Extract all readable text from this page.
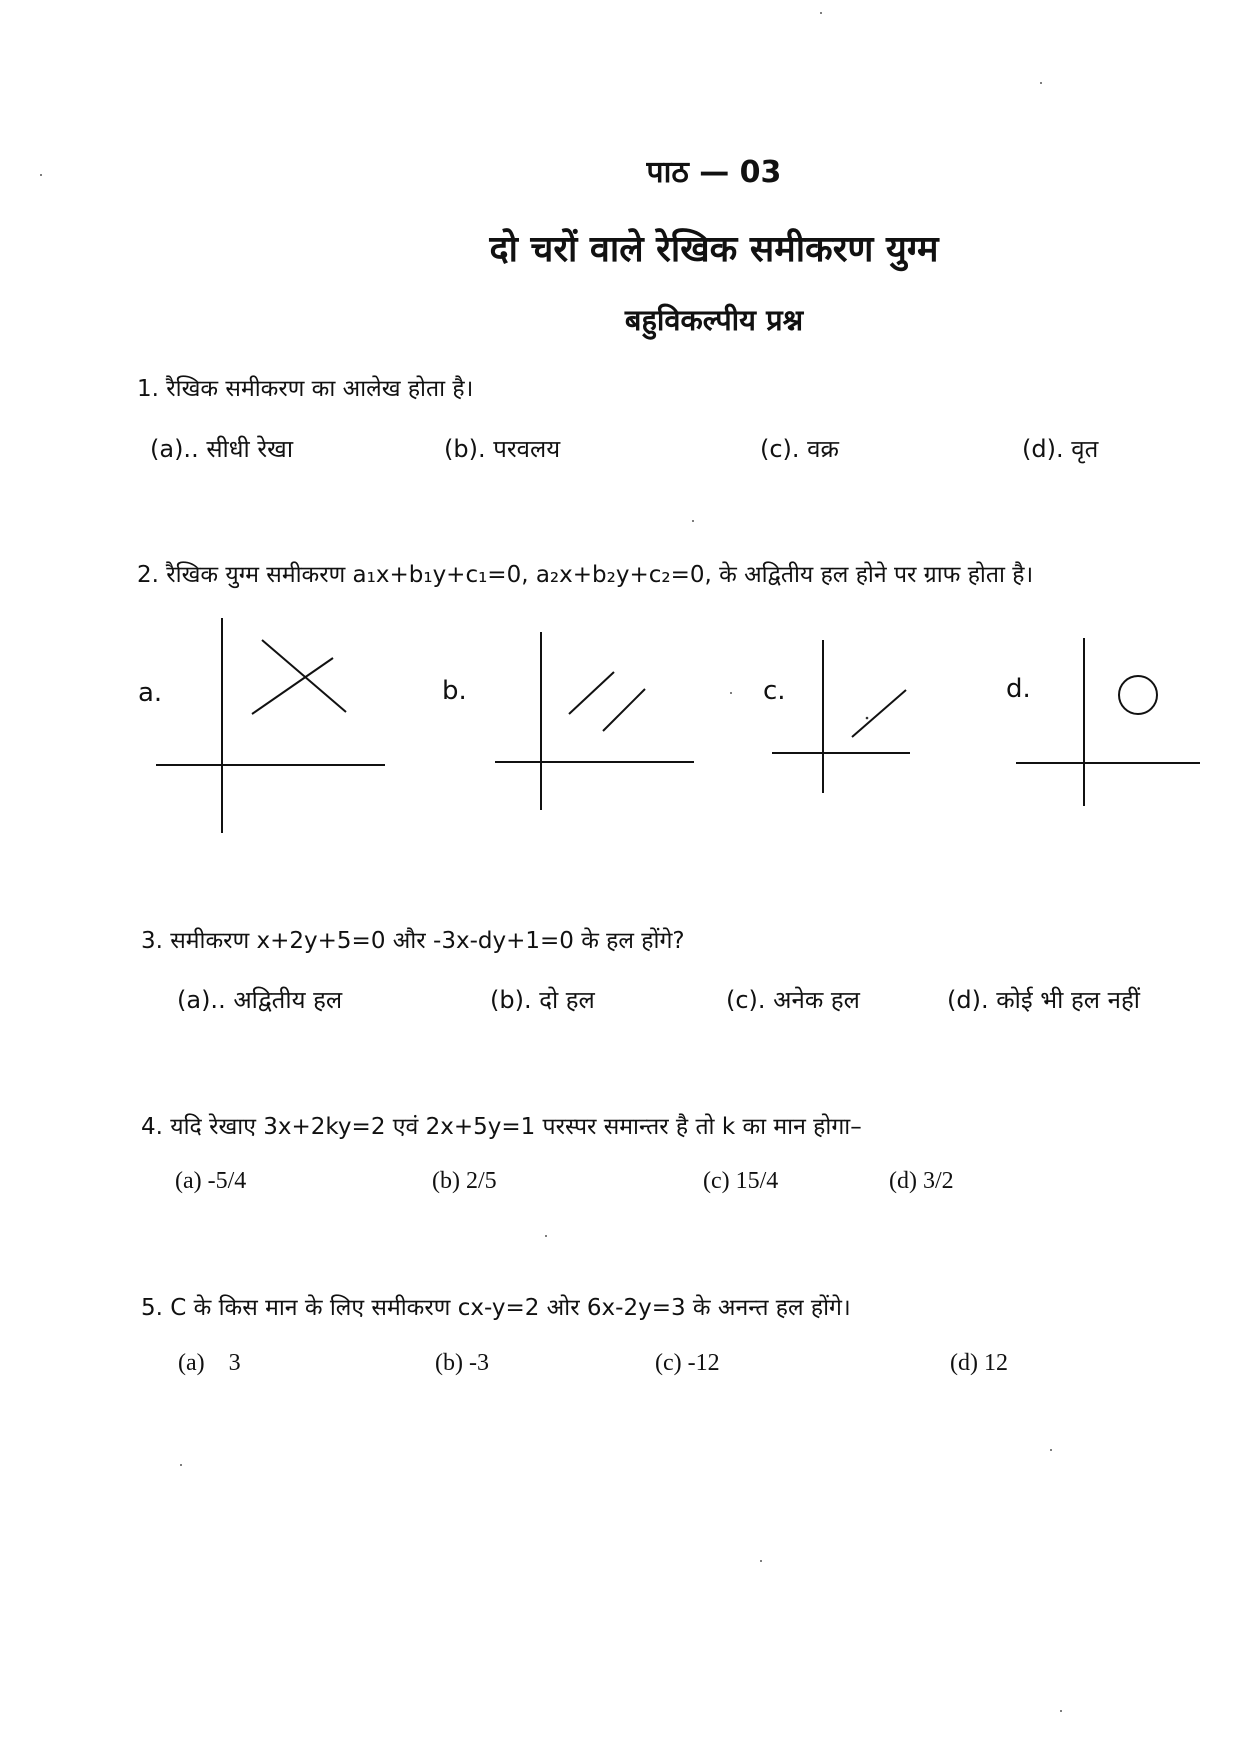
पाठ — 03
दो चरों वाले रेखिक समीकरण युग्म
बहुविकल्पीय प्रश्न
1. रैखिक समीकरण का आलेख होता है।
(a).. सीधी रेखा	(b). परवलय	(c). वक्र	(d). वृत
2. रैखिक युग्म समीकरण a₁x+b₁y+c₁=0, a₂x+b₂y+c₂=0, के अद्वितीय हल होने पर ग्राफ होता है।
a.	b.	c.	d.
3. समीकरण x+2y+5=0 और -3x-dy+1=0 के हल होंगे?
(a).. अद्वितीय हल	(b). दो हल	(c). अनेक हल	(d). कोई भी हल नहीं
4. यदि रेखाए 3x+2ky=2 एवं 2x+5y=1 परस्पर समान्तर है तो k का मान होगा–
(a) -5/4	(b) 2/5	(c) 15/4	(d) 3/2
5. C के किस मान के लिए समीकरण cx-y=2 ओर 6x-2y=3 के अनन्त हल होंगे।
(a) 3	(b) -3	(c) -12	(d) 12
